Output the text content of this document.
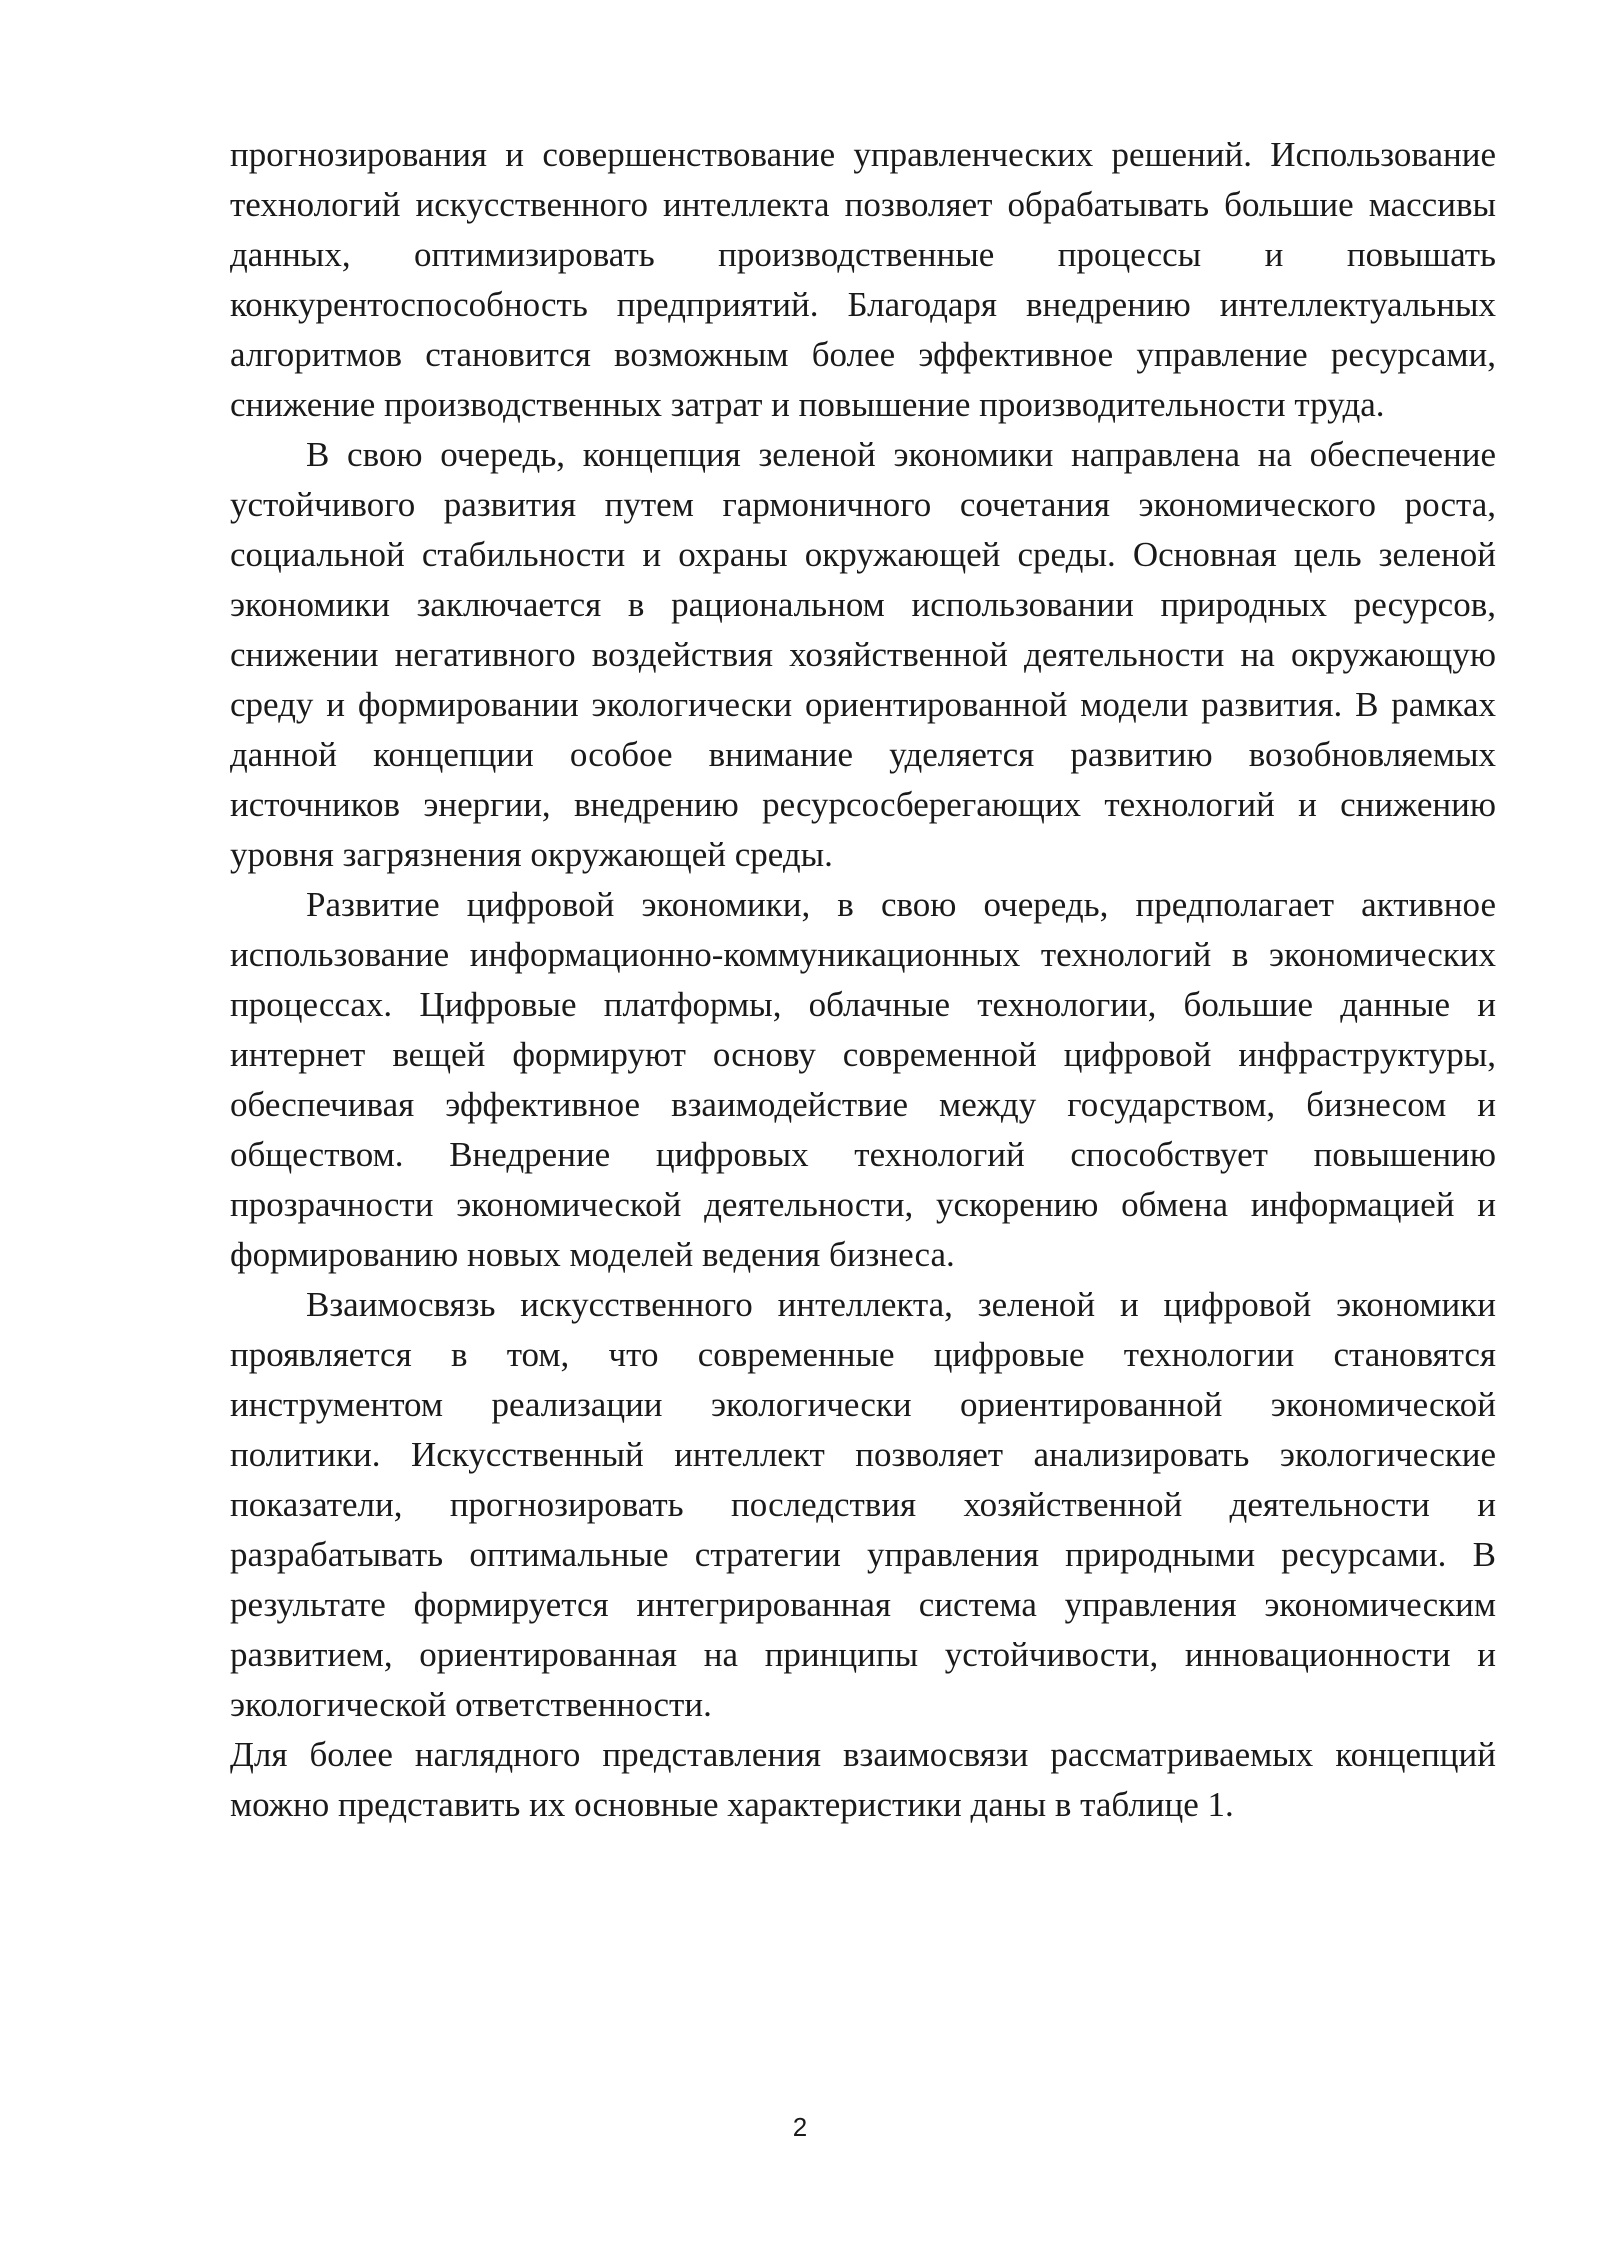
прогнозирования и совершенствование управленческих решений. Использование технологий искусственного интеллекта позволяет обрабатывать большие массивы данных, оптимизировать производственные процессы и повышать конкурентоспособность предприятий. Благодаря внедрению интеллектуальных алгоритмов становится возможным более эффективное управление ресурсами, снижение производственных затрат и повышение производительности труда.

В свою очередь, концепция зеленой экономики направлена на обеспечение устойчивого развития путем гармоничного сочетания экономического роста, социальной стабильности и охраны окружающей среды. Основная цель зеленой экономики заключается в рациональном использовании природных ресурсов, снижении негативного воздействия хозяйственной деятельности на окружающую среду и формировании экологически ориентированной модели развития. В рамках данной концепции особое внимание уделяется развитию возобновляемых источников энергии, внедрению ресурсосберегающих технологий и снижению уровня загрязнения окружающей среды.

Развитие цифровой экономики, в свою очередь, предполагает активное использование информационно-коммуникационных технологий в экономических процессах. Цифровые платформы, облачные технологии, большие данные и интернет вещей формируют основу современной цифровой инфраструктуры, обеспечивая эффективное взаимодействие между государством, бизнесом и обществом. Внедрение цифровых технологий способствует повышению прозрачности экономической деятельности, ускорению обмена информацией и формированию новых моделей ведения бизнеса.

Взаимосвязь искусственного интеллекта, зеленой и цифровой экономики проявляется в том, что современные цифровые технологии становятся инструментом реализации экологически ориентированной экономической политики. Искусственный интеллект позволяет анализировать экологические показатели, прогнозировать последствия хозяйственной деятельности и разрабатывать оптимальные стратегии управления природными ресурсами. В результате формируется интегрированная система управления экономическим развитием, ориентированная на принципы устойчивости, инновационности и экологической ответственности.

Для более наглядного представления взаимосвязи рассматриваемых концепций можно представить их основные характеристики даны в таблице 1.

2
